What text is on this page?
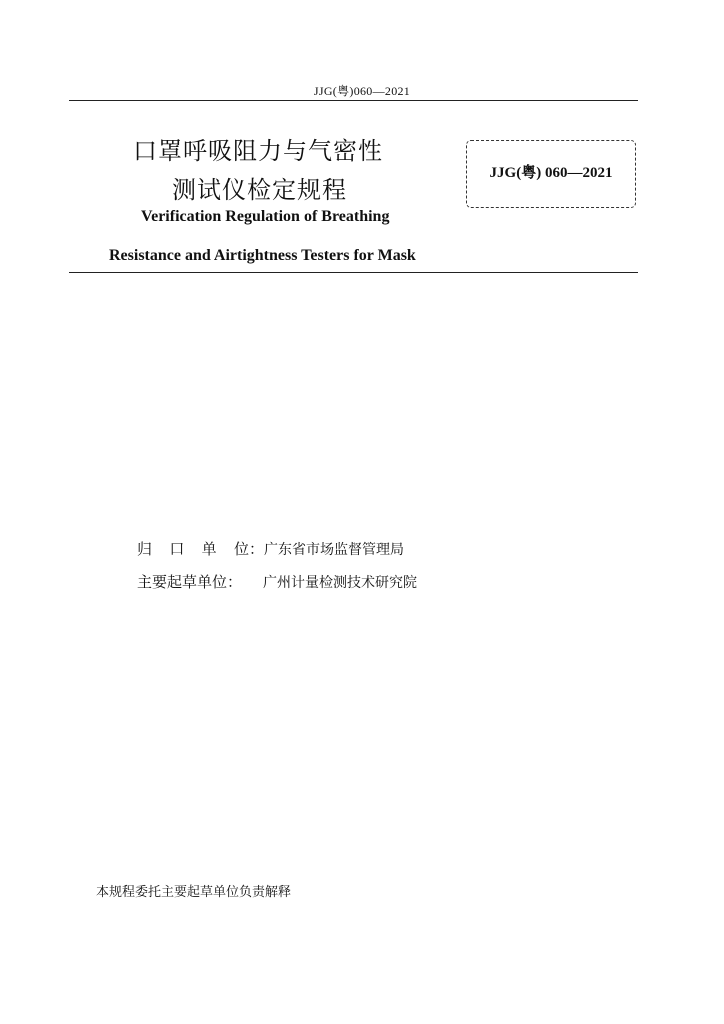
JJG(粤)060—2021
口罩呼吸阻力与气密性
测试仪检定规程
JJG(粤) 060—2021
Verification Regulation of Breathing
Resistance and Airtightness Testers for Mask
归 口 单 位 ： 广东省市场监督管理局
主要起草单位：	广州计量检测技术研究院
本规程委托主要起草单位负责解释
